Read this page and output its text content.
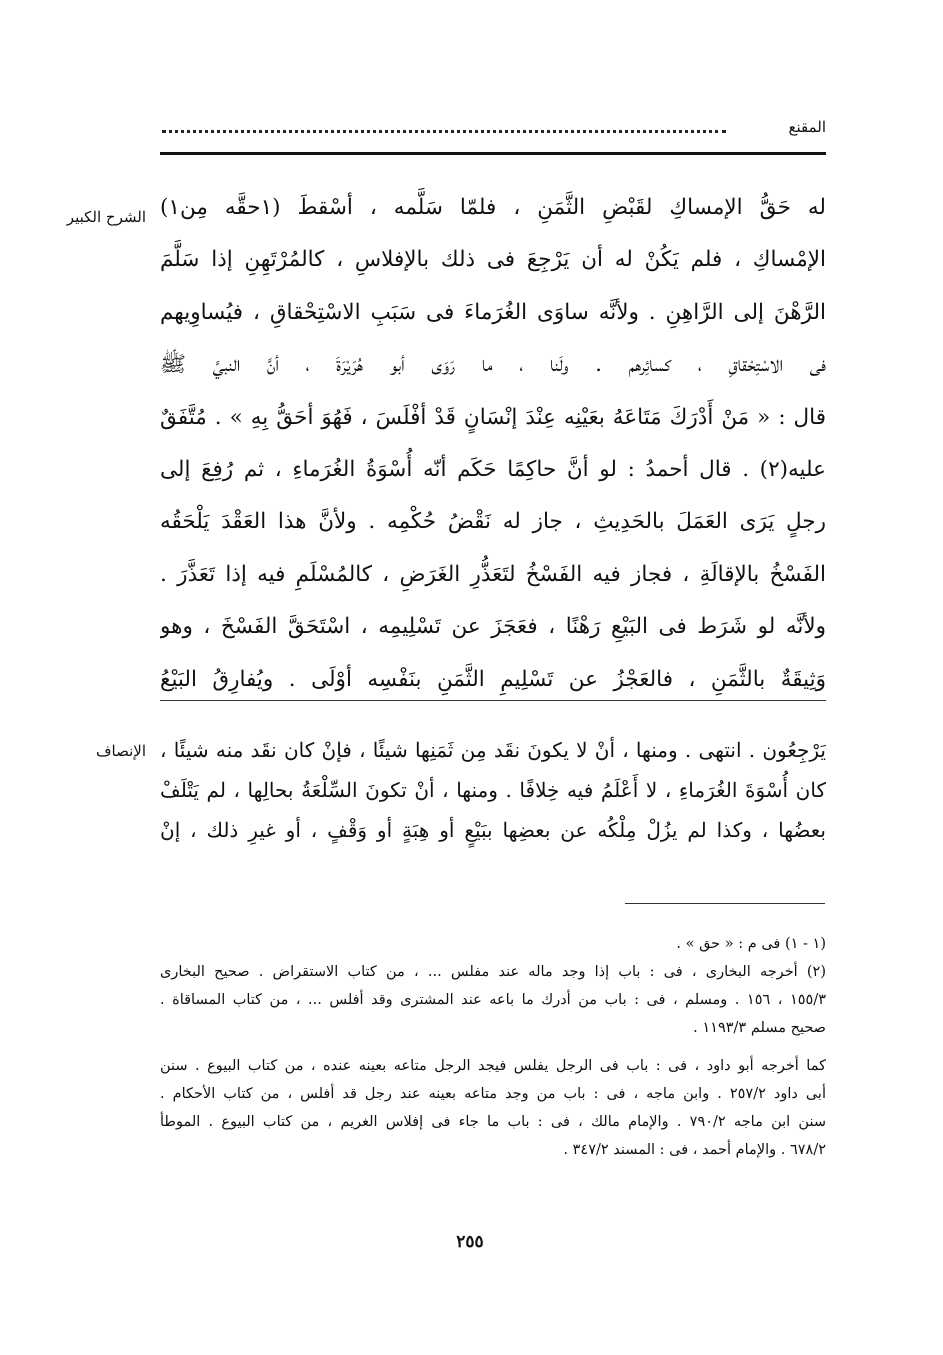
المقنع
الشرح الكبير له حَقُّ الإمساكِ لقَبْضِ الثَّمَنِ ، فلمّا سَلَّمه ، أسْقطَ (١حقَّه مِن١)
الإمْساكِ ، فلم يَكُنْ له أن يَرْجِعَ فى ذلك بالإفلاسِ ، كالمُرْتَهِنِ إذا سَلَّمَ
الرَّهْنَ إلى الرَّاهِنِ . ولأنَّه ساوَى الغُرَماءَ فى سَبَبِ الاسْتِحْقاقِ ، فيُساوِيهم
فى الاسْتِحْقاقِ ، كسائِرهم . ولَنا ، ما رَوَى أبو هُرَيْرَةَ ، أنَّ النبيَّ ﷺ
قال : « مَنْ أَدْرَكَ مَتَاعَهُ بعَيْنِه عِنْدَ إنْسَانٍ قَدْ أفْلَسَ ، فَهُوَ أحَقُّ بِهِ » . مُتَّفَقٌ
عليه(٢) . قال أحمدُ : لو أنَّ حاكِمًا حَكَم أنّه أُسْوَةُ الغُرَماءِ ، ثم رُفِعَ إلى
رجلٍ يَرَى العَمَلَ بالحَدِيثِ ، جاز له نَقْضُ حُكْمِه . ولأنَّ هذا العَقْدَ يَلْحَقُه
الفَسْخُ بالإقالَةِ ، فجاز فيه الفَسْخُ لتَعَذُّرِ الغَرَضِ ، كالمُسْلَمِ فيه إذا تَعَذَّرَ .
ولأنَّه لو شَرَط فى البَيْعِ رَهْنًا ، فعَجَزَ عن تَسْلِيمِه ، اسْتَحَقَّ الفَسْخَ ، وهو
وَثِيقَةٌ بالثَّمَنِ ، فالعَجْزُ عن تَسْلِيمِ الثَّمَنِ بنَفْسِه أوْلَى . ويُفارِقُ البَيْعُ
الإنصاف يَرْجِعُون . انتهى . ومنها ، أنْ لا يكونَ نقَد مِن ثَمَنِها شيئًا ، فإنْ كان نقَد منه شيئًا ،
كان أُسْوَةَ الغُرَماءِ ، لا أَعْلَمُ فيه خِلافًا . ومنها ، أنْ تكونَ السِّلْعَةُ بحالِها ، لم يَتْلَفْ
بعضُها ، وكذا لم يزُلْ مِلْكُه عن بعضِها ببَيْعٍ أو هِبَةٍ أو وَقْفٍ ، أو غيرِ ذلك ، إنْ
(١ - ١) فى م : « حق » .
(٢) أخرجه البخارى ، فى : باب إذا وجد ماله عند مفلس ... ، من كتاب الاستقراض . صحيح البخارى
١٥٥/٣ ، ١٥٦ . ومسلم ، فى : باب من أدرك ما باعه عند المشترى وقد أفلس ... ، من كتاب المساقاة .
صحيح مسلم ١١٩٣/٣ .
كما أخرجه أبو داود ، فى : باب فى الرجل يفلس فيجد الرجل متاعه بعينه عنده ، من كتاب البيوع . سنن
أبى داود ٢٥٧/٢ . وابن ماجه ، فى : باب من وجد متاعه بعينه عند رجل قد أفلس ، من كتاب الأحكام .
سنن ابن ماجه ٧٩٠/٢ . والإمام مالك ، فى : باب ما جاء فى إفلاس الغريم ، من كتاب البيوع . الموطأ
٦٧٨/٢ . والإمام أحمد ، فى : المسند ٣٤٧/٢ .
٢٥٥
